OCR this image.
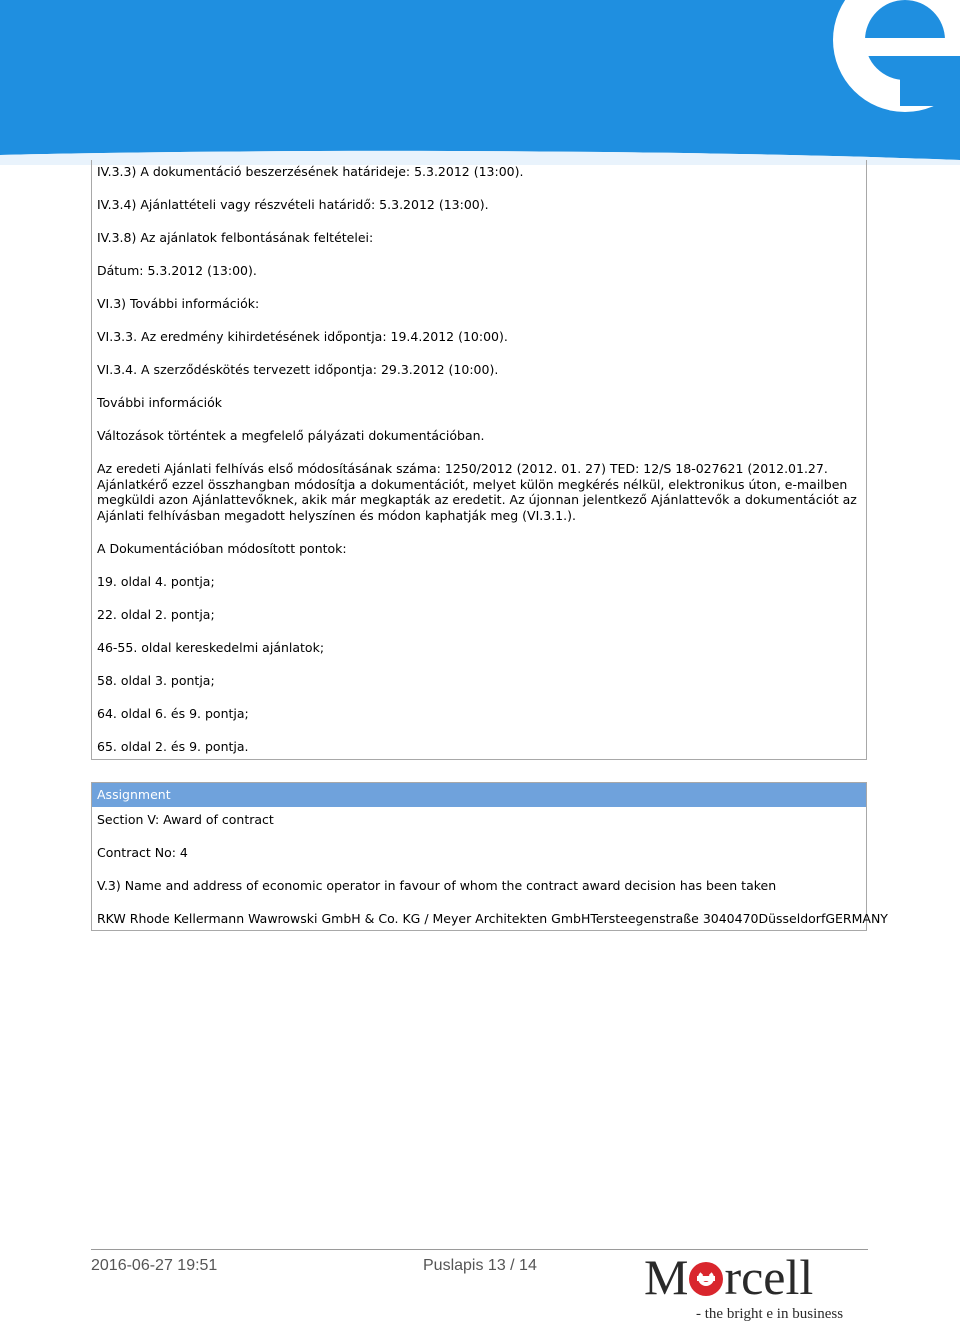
IV.3.3) A dokumentáció beszerzésének határideje: 5.3.2012 (13:00).
IV.3.4) Ajánlattételi vagy részvételi határidő: 5.3.2012 (13:00).
IV.3.8) Az ajánlatok felbontásának feltételei:
Dátum: 5.3.2012 (13:00).
VI.3) További információk:
VI.3.3. Az eredmény kihirdetésének időpontja: 19.4.2012 (10:00).
VI.3.4. A szerződéskötés tervezett időpontja: 29.3.2012 (10:00).
További információk
Változások történtek a megfelelő pályázati dokumentációban.
Az eredeti Ajánlati felhívás első módosításának száma: 1250/2012 (2012. 01. 27) TED: 12/S 18-027621 (2012.01.27. Ajánlatkérő ezzel összhangban módosítja a dokumentációt, melyet külön megkérés nélkül, elektronikus úton, e-mailben megküldi azon Ajánlattevőknek, akik már megkapták az eredetit. Az újonnan jelentkező Ajánlattevők a dokumentációt az Ajánlati felhívásban megadott helyszínen és módon kaphatják meg (VI.3.1.).
A Dokumentációban módosított pontok:
19. oldal 4. pontja;
22. oldal 2. pontja;
46-55. oldal kereskedelmi ajánlatok;
58. oldal 3. pontja;
64. oldal 6. és 9. pontja;
65. oldal 2. és 9. pontja.
Assignment
Section V: Award of contract
Contract No: 4
V.3) Name and address of economic operator in favour of whom the contract award decision has been taken
RKW Rhode Kellermann Wawrowski GmbH & Co. KG / Meyer Architekten GmbHTersteegenstraße 3040470DüsseldorfGERMANY
2016-06-27 19:51	Puslapis 13 / 14 M rcell
- the bright e in business
